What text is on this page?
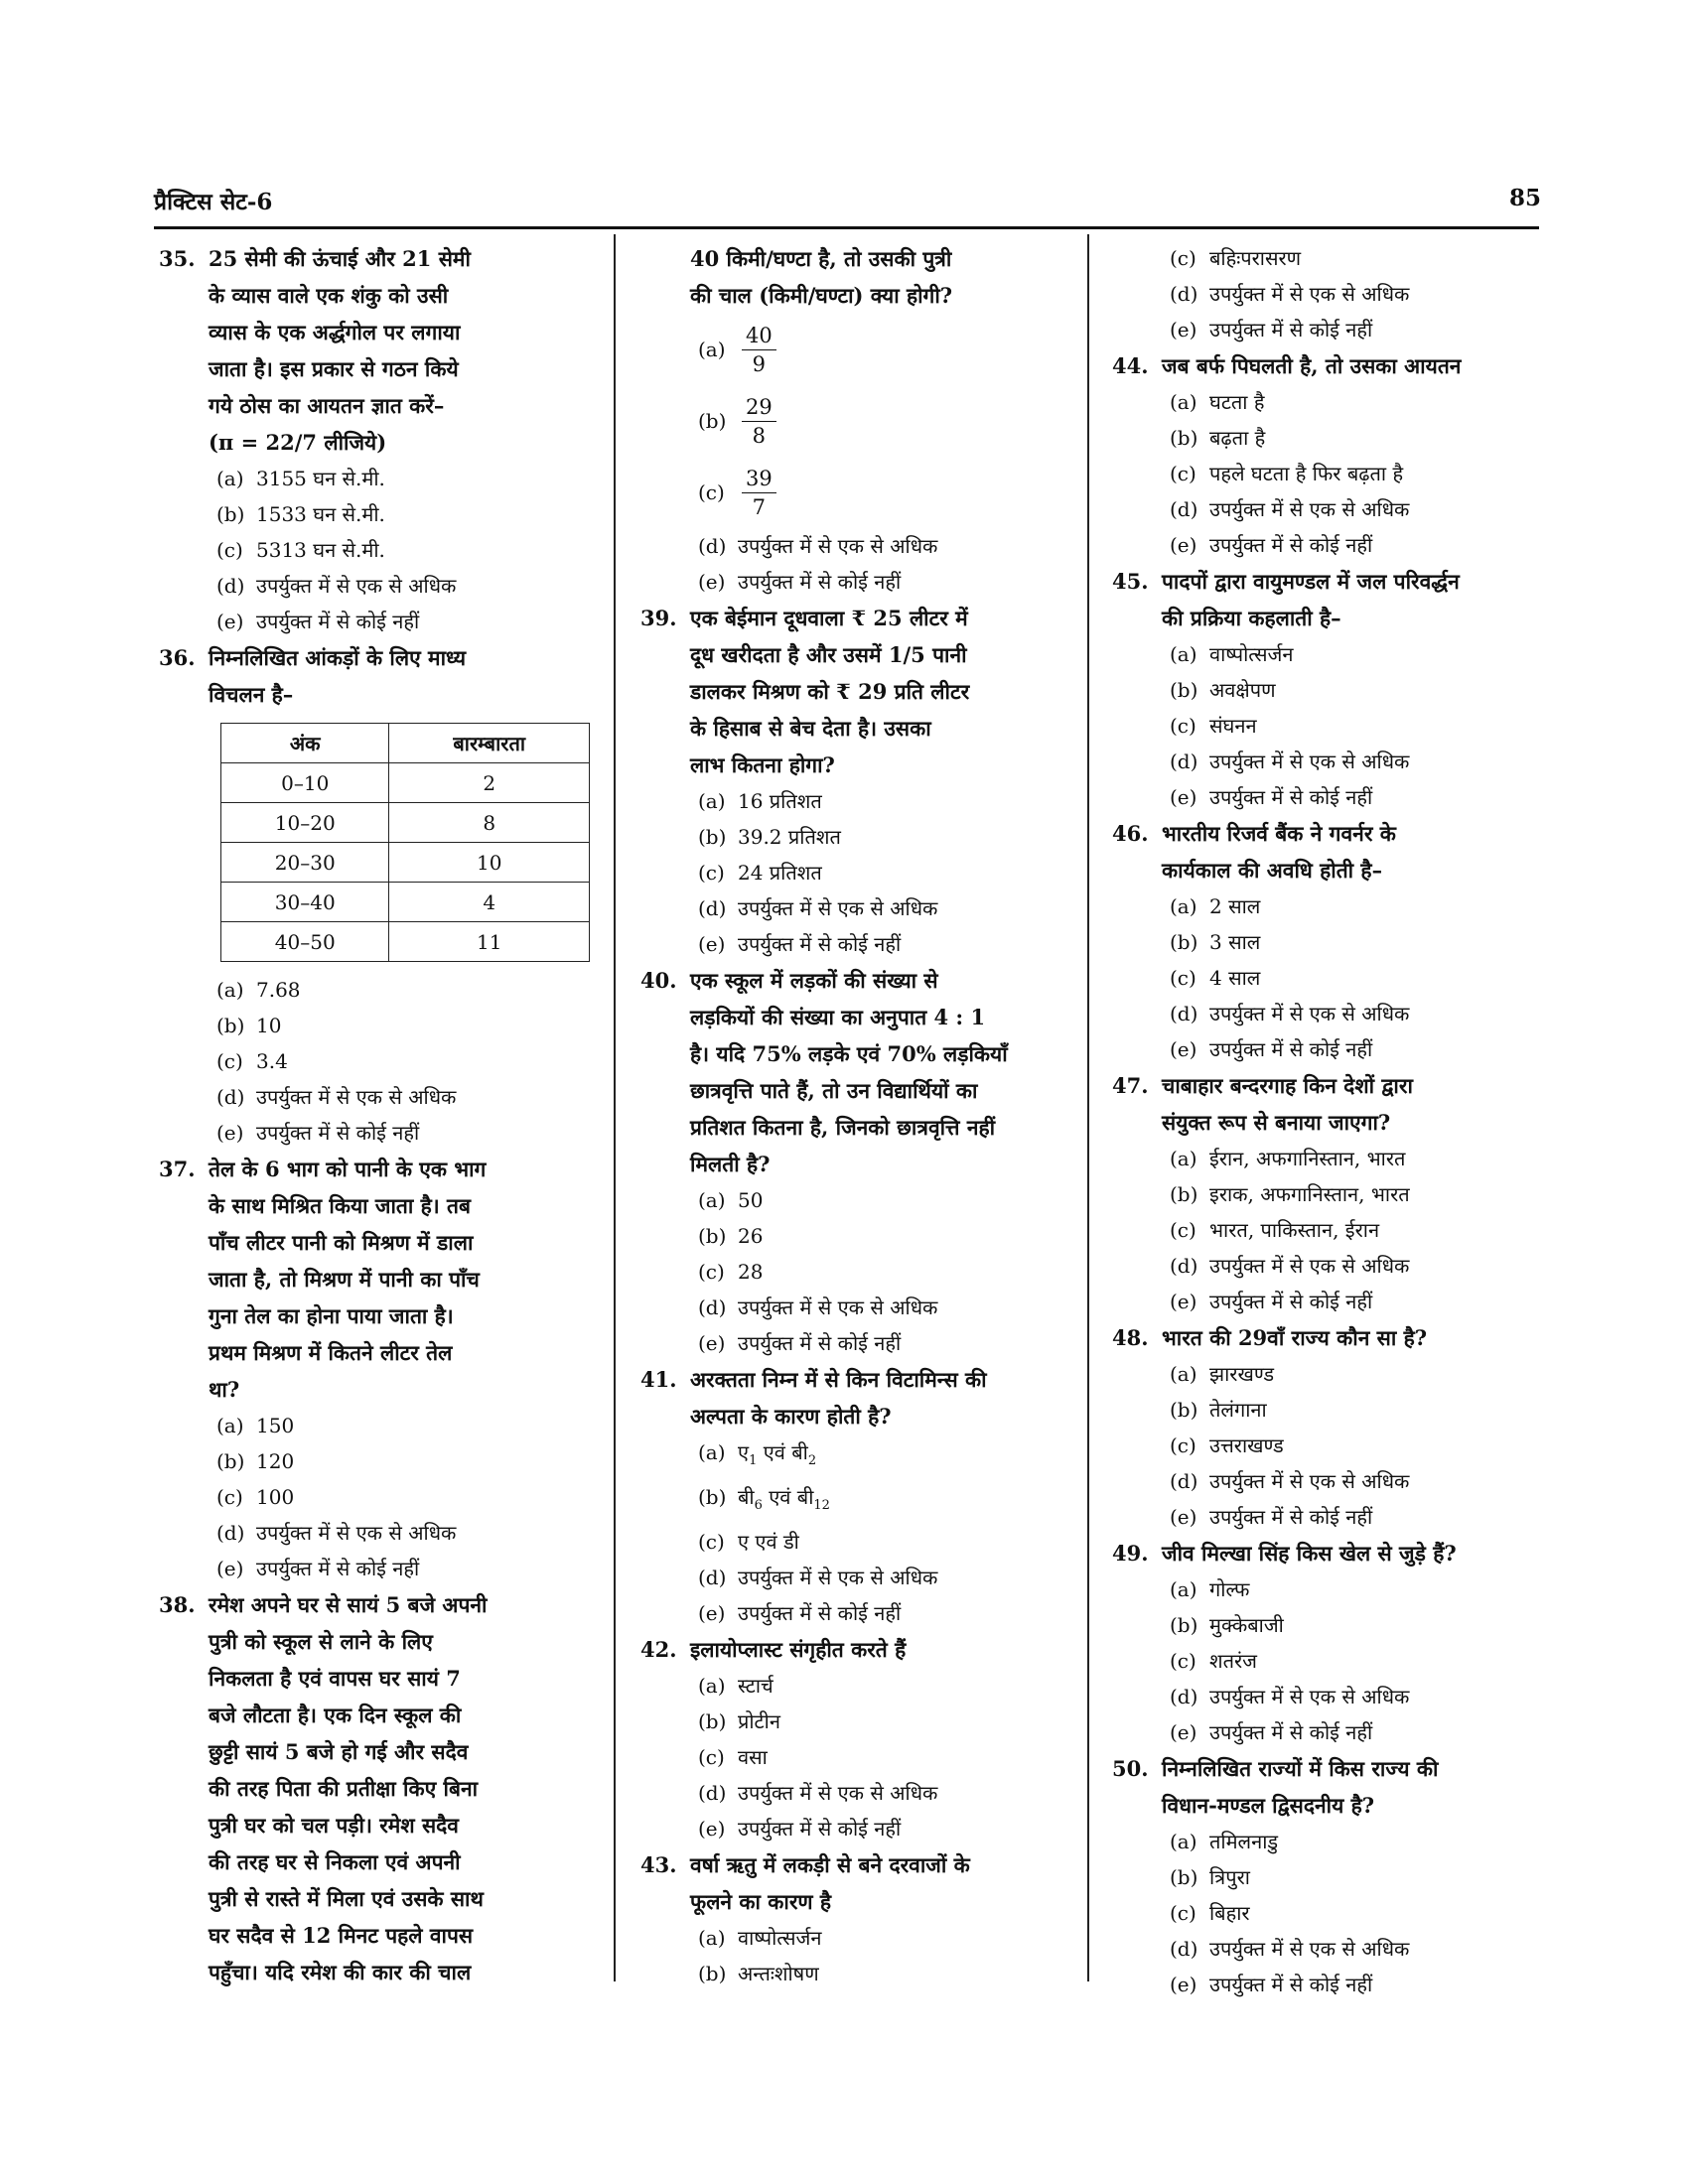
प्रैक्टिस सेट-6	85
35. 25 सेमी की ऊंचाई और 21 सेमी
के व्यास वाले एक शंकु को उसी
व्यास के एक अर्द्धगोल पर लगाया
जाता है। इस प्रकार से गठन किये
गये ठोस का आयतन ज्ञात करें–
(π = 22/7 लीजिये)
(a) 3155 घन से.मी.
(b) 1533 घन से.मी.
(c) 5313 घन से.मी.
(d) उपर्युक्त में से एक से अधिक
(e) उपर्युक्त में से कोई नहीं
36. निम्नलिखित आंकड़ों के लिए माध्य
विचलन है–
अंक	बारम्बारता
0–10	2
10–20	8
20–30	10
30–40	4
40–50	11
(a) 7.68
(b) 10
(c) 3.4
(d) उपर्युक्त में से एक से अधिक
(e) उपर्युक्त में से कोई नहीं
37. तेल के 6 भाग को पानी के एक भाग
के साथ मिश्रित किया जाता है। तब
पाँच लीटर पानी को मिश्रण में डाला
जाता है, तो मिश्रण में पानी का पाँच
गुना तेल का होना पाया जाता है।
प्रथम मिश्रण में कितने लीटर तेल
था?
(a) 150
(b) 120
(c) 100
(d) उपर्युक्त में से एक से अधिक
(e) उपर्युक्त में से कोई नहीं
38. रमेश अपने घर से सायं 5 बजे अपनी
पुत्री को स्कूल से लाने के लिए
निकलता है एवं वापस घर सायं 7
बजे लौटता है। एक दिन स्कूल की
छुट्टी सायं 5 बजे हो गई और सदैव
की तरह पिता की प्रतीक्षा किए बिना
पुत्री घर को चल पड़ी। रमेश सदैव
की तरह घर से निकला एवं अपनी
पुत्री से रास्ते में मिला एवं उसके साथ
घर सदैव से 12 मिनट पहले वापस
पहुँचा। यदि रमेश की कार की चाल
40 किमी/घण्टा है, तो उसकी पुत्री
की चाल (किमी/घण्टा) क्या होगी?
$(a) \frac{40}{9}$
$(b) \frac{29}{8}$
$(c) \frac{39}{7}$
(d) उपर्युक्त में से एक से अधिक
(e) उपर्युक्त में से कोई नहीं
39. एक बेईमान दूधवाला ₹ 25 लीटर में
दूध खरीदता है और उसमें 1/5 पानी
डालकर मिश्रण को ₹ 29 प्रति लीटर
के हिसाब से बेच देता है। उसका
लाभ कितना होगा?
(a) 16 प्रतिशत
(b) 39.2 प्रतिशत
(c) 24 प्रतिशत
(d) उपर्युक्त में से एक से अधिक
(e) उपर्युक्त में से कोई नहीं
40. एक स्कूल में लड़कों की संख्या से
लड़कियों की संख्या का अनुपात 4 : 1
है। यदि 75% लड़के एवं 70% लड़कियाँ
छात्रवृत्ति पाते हैं, तो उन विद्यार्थियों का
प्रतिशत कितना है, जिनको छात्रवृत्ति नहीं
मिलती है?
(a) 50
(b) 26
(c) 28
(d) उपर्युक्त में से एक से अधिक
(e) उपर्युक्त में से कोई नहीं
41. अरक्तता निम्न में से किन विटामिन्स की
अल्पता के कारण होती है?
(a) ए$_1$ एवं $बी_2$
(b) $बी_6$ एवं $बी_{12}$
(c) ए एवं डी
(d) उपर्युक्त में से एक से अधिक
(e) उपर्युक्त में से कोई नहीं
42. इलायोप्लास्ट संगृहीत करते हैं
(a) स्टार्च
(b) प्रोटीन
(c) वसा
(d) उपर्युक्त में से एक से अधिक
(e) उपर्युक्त में से कोई नहीं
43. वर्षा ऋतु में लकड़ी से बने दरवाजों के
फूलने का कारण है
(a) वाष्पोत्सर्जन
(b) अन्तःशोषण
(c) बहिःपरासरण
(d) उपर्युक्त में से एक से अधिक
(e) उपर्युक्त में से कोई नहीं
44. जब बर्फ पिघलती है, तो उसका आयतन
(a) घटता है
(b) बढ़ता है
(c) पहले घटता है फिर बढ़ता है
(d) उपर्युक्त में से एक से अधिक
(e) उपर्युक्त में से कोई नहीं
45. पादपों द्वारा वायुमण्डल में जल परिवर्द्धन
की प्रक्रिया कहलाती है–
(a) वाष्पोत्सर्जन
(b) अवक्षेपण
(c) संघनन
(d) उपर्युक्त में से एक से अधिक
(e) उपर्युक्त में से कोई नहीं
46. भारतीय रिजर्व बैंक ने गवर्नर के
कार्यकाल की अवधि होती है–
(a) 2 साल
(b) 3 साल
(c) 4 साल
(d) उपर्युक्त में से एक से अधिक
(e) उपर्युक्त में से कोई नहीं
47. चाबाहार बन्दरगाह किन देशों द्वारा
संयुक्त रूप से बनाया जाएगा?
(a) ईरान, अफगानिस्तान, भारत
(b) इराक, अफगानिस्तान, भारत
(c) भारत, पाकिस्तान, ईरान
(d) उपर्युक्त में से एक से अधिक
(e) उपर्युक्त में से कोई नहीं
48. भारत की 29वाँ राज्य कौन सा है?
(a) झारखण्ड
(b) तेलंगाना
(c) उत्तराखण्ड
(d) उपर्युक्त में से एक से अधिक
(e) उपर्युक्त में से कोई नहीं
49. जीव मिल्खा सिंह किस खेल से जुड़े हैं?
(a) गोल्फ
(b) मुक्केबाजी
(c) शतरंज
(d) उपर्युक्त में से एक से अधिक
(e) उपर्युक्त में से कोई नहीं
50. निम्नलिखित राज्यों में किस राज्य की
विधान-मण्डल द्विसदनीय है?
(a) तमिलनाडु
(b) त्रिपुरा
(c) बिहार
(d) उपर्युक्त में से एक से अधिक
(e) उपर्युक्त में से कोई नहीं
